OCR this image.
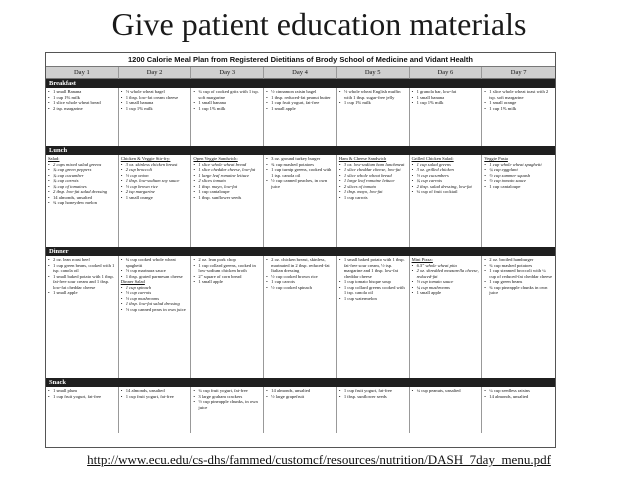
Give patient education materials
1200 Calorie Meal Plan from Registered Dietitians of Brody School of Medicine and Vidant Health
Day 1	Day 2	Day 3	Day 4	Day 5	Day 6	Day 7
Breakfast
• 1 small Banana
• 1 cup 1% milk
• 1 slice whole wheat bread
• 2 tsp. margarine
• ½ whole wheat bagel
• 1 tbsp. low-fat cream cheese
• 1 small banana
• 1 cup 1% milk
• ¾ cup of cooked grits with 1 tsp. soft margarine
• 1 small banana
• 1 cup 1% milk
• ½ cinnamon raisin bagel
• 1 tbsp. reduced-fat peanut butter
• 1 cup fruit yogurt, fat-free
• 1 small apple
• ½ whole wheat English muffin with 1 tbsp. sugar-free jelly
• 1 cup 1% milk
• 1 granola bar, low-fat
• 1 small banana
• 1 cup 1% milk
• 1 slice whole wheat toast with 2 tsp. soft margarine
• 1 small orange
• 1 cup 1% milk
Lunch
Salad:
• 2 cups mixed salad greens
• ¾ cup green peppers
• ¾ cup cucumber
• ¾ cup carrots
• ¾ cup of tomatoes
• 2 tbsp. low-fat salad dressing
• 14 almonds, unsalted
• ¾ cup honeydew melon
Chicken & Veggie Stir-fry:
• 3 oz. skinless chicken breast
• 2 cup broccoli
• ½ cup onion
• 1 tbsp. low-sodium soy sauce
• ½ cup brown rice
• 2 tsp margarine
• 1 small orange
Open Veggie Sandwich:
• 1 slice whole wheat bread
• 1 slice cheddar cheese, low-fat
• 1 large leaf romaine lettuce
• 2 slices tomato
• 1 tbsp. mayo, low-fat
• 1 cup cantaloupe
• 1 tbsp. sunflower seeds
• 3 oz. ground turkey burger
• ¾ cup mashed potatoes
• 1 cup turnip greens, cooked with 1 tsp. canola oil
• ½ cup canned peaches, in own juice
Ham & Cheese Sandwich
• 3 oz. low-sodium ham lunchmeat
• 1 slice cheddar cheese, low-fat
• 1 slice whole wheat bread
• 1 large leaf romaine lettuce
• 2 slices of tomato
• 1 tbsp. mayo, low-fat
• 1 cup carrots
Grilled Chicken Salad:
• 1 cup salad greens
• 3 oz. grilled chicken
• ½ cup cucumbers
• ¾ cup carrots
• 2 tbsp. salad dressing, low-fat
• ¾ cup of fruit cocktail
Veggie Pasta
• 1 cup whole wheat spaghetti
• ¼ cup eggplant
• ½ cup summer squash
• ½ cup tomato sauce
• 1 cup cantaloupe
Dinner
• 2 oz. lean roast beef
• 1 cup green beans, cooked with 1 tsp. canola oil
• 1 small baked potato with 1 tbsp. fat-free sour cream and 1 tbsp. low-fat cheddar cheese
• 1 small apple
• ¾ cup cooked whole wheat spaghetti
• ½ cup marinara sauce
• 1 tbsp. grated parmesan cheese
Dinner Salad
• 1 cup spinach
• ½ cup carrots
• ½ cup mushrooms
• 1 tbsp. low-fat salad dressing
• ½ cup canned pears in own juice
• 2 oz. lean pork chop
• 1 cup collard greens, cooked in low-sodium chicken broth
• 2" square of corn bread
• 1 small apple
• 2 oz. chicken breast, skinless, marinated in 2 tbsp. reduced-fat Italian dressing
• ½ cup cooked brown rice
• 1 cup carrots
• ½ cup cooked spinach
• 1 small baked potato with 1 tbsp. fat-free sour cream, ½ tsp. margarine and 1 tbsp. low-fat cheddar cheese
• 1 cup tomato bisque soup
• 1 cup collard greens cooked with 1 tsp. canola oil
• 1 cup watermelon
Mini Pizza:
• 6.5" whole wheat pita
• 2 oz. shredded mozzarella cheese, reduced-fat
• ½ cup tomato sauce
• ¼ cup mushrooms
• 1 small apple
• 2 oz. broiled hamburger
• ¾ cup mashed potatoes
• 1 cup steamed broccoli with ¼ cup of reduced-fat cheddar cheese
• 1 cup green beans
• ¾ cup pineapple chunks in own juice
Snack
• 1 small plum
• 1 cup fruit yogurt, fat-free
• 14 almonds, unsalted
• 1 cup fruit yogurt, fat-free
• ¾ cup fruit yogurt, fat-free
• 3 large graham crackers
• ½ cup pineapple chunks, in own juice
• 14 almonds, unsalted
• ½ large grapefruit
• 1 cup fruit yogurt, fat-free
• 1 tbsp. sunflower seeds
• ¼ cup peanuts, unsalted
•	¼ cup seedless raisins
• 14 almonds, unsalted
http://www.ecu.edu/cs-dhs/fammed/customcf/resources/nutrition/DASH_7day_menu.pdf
